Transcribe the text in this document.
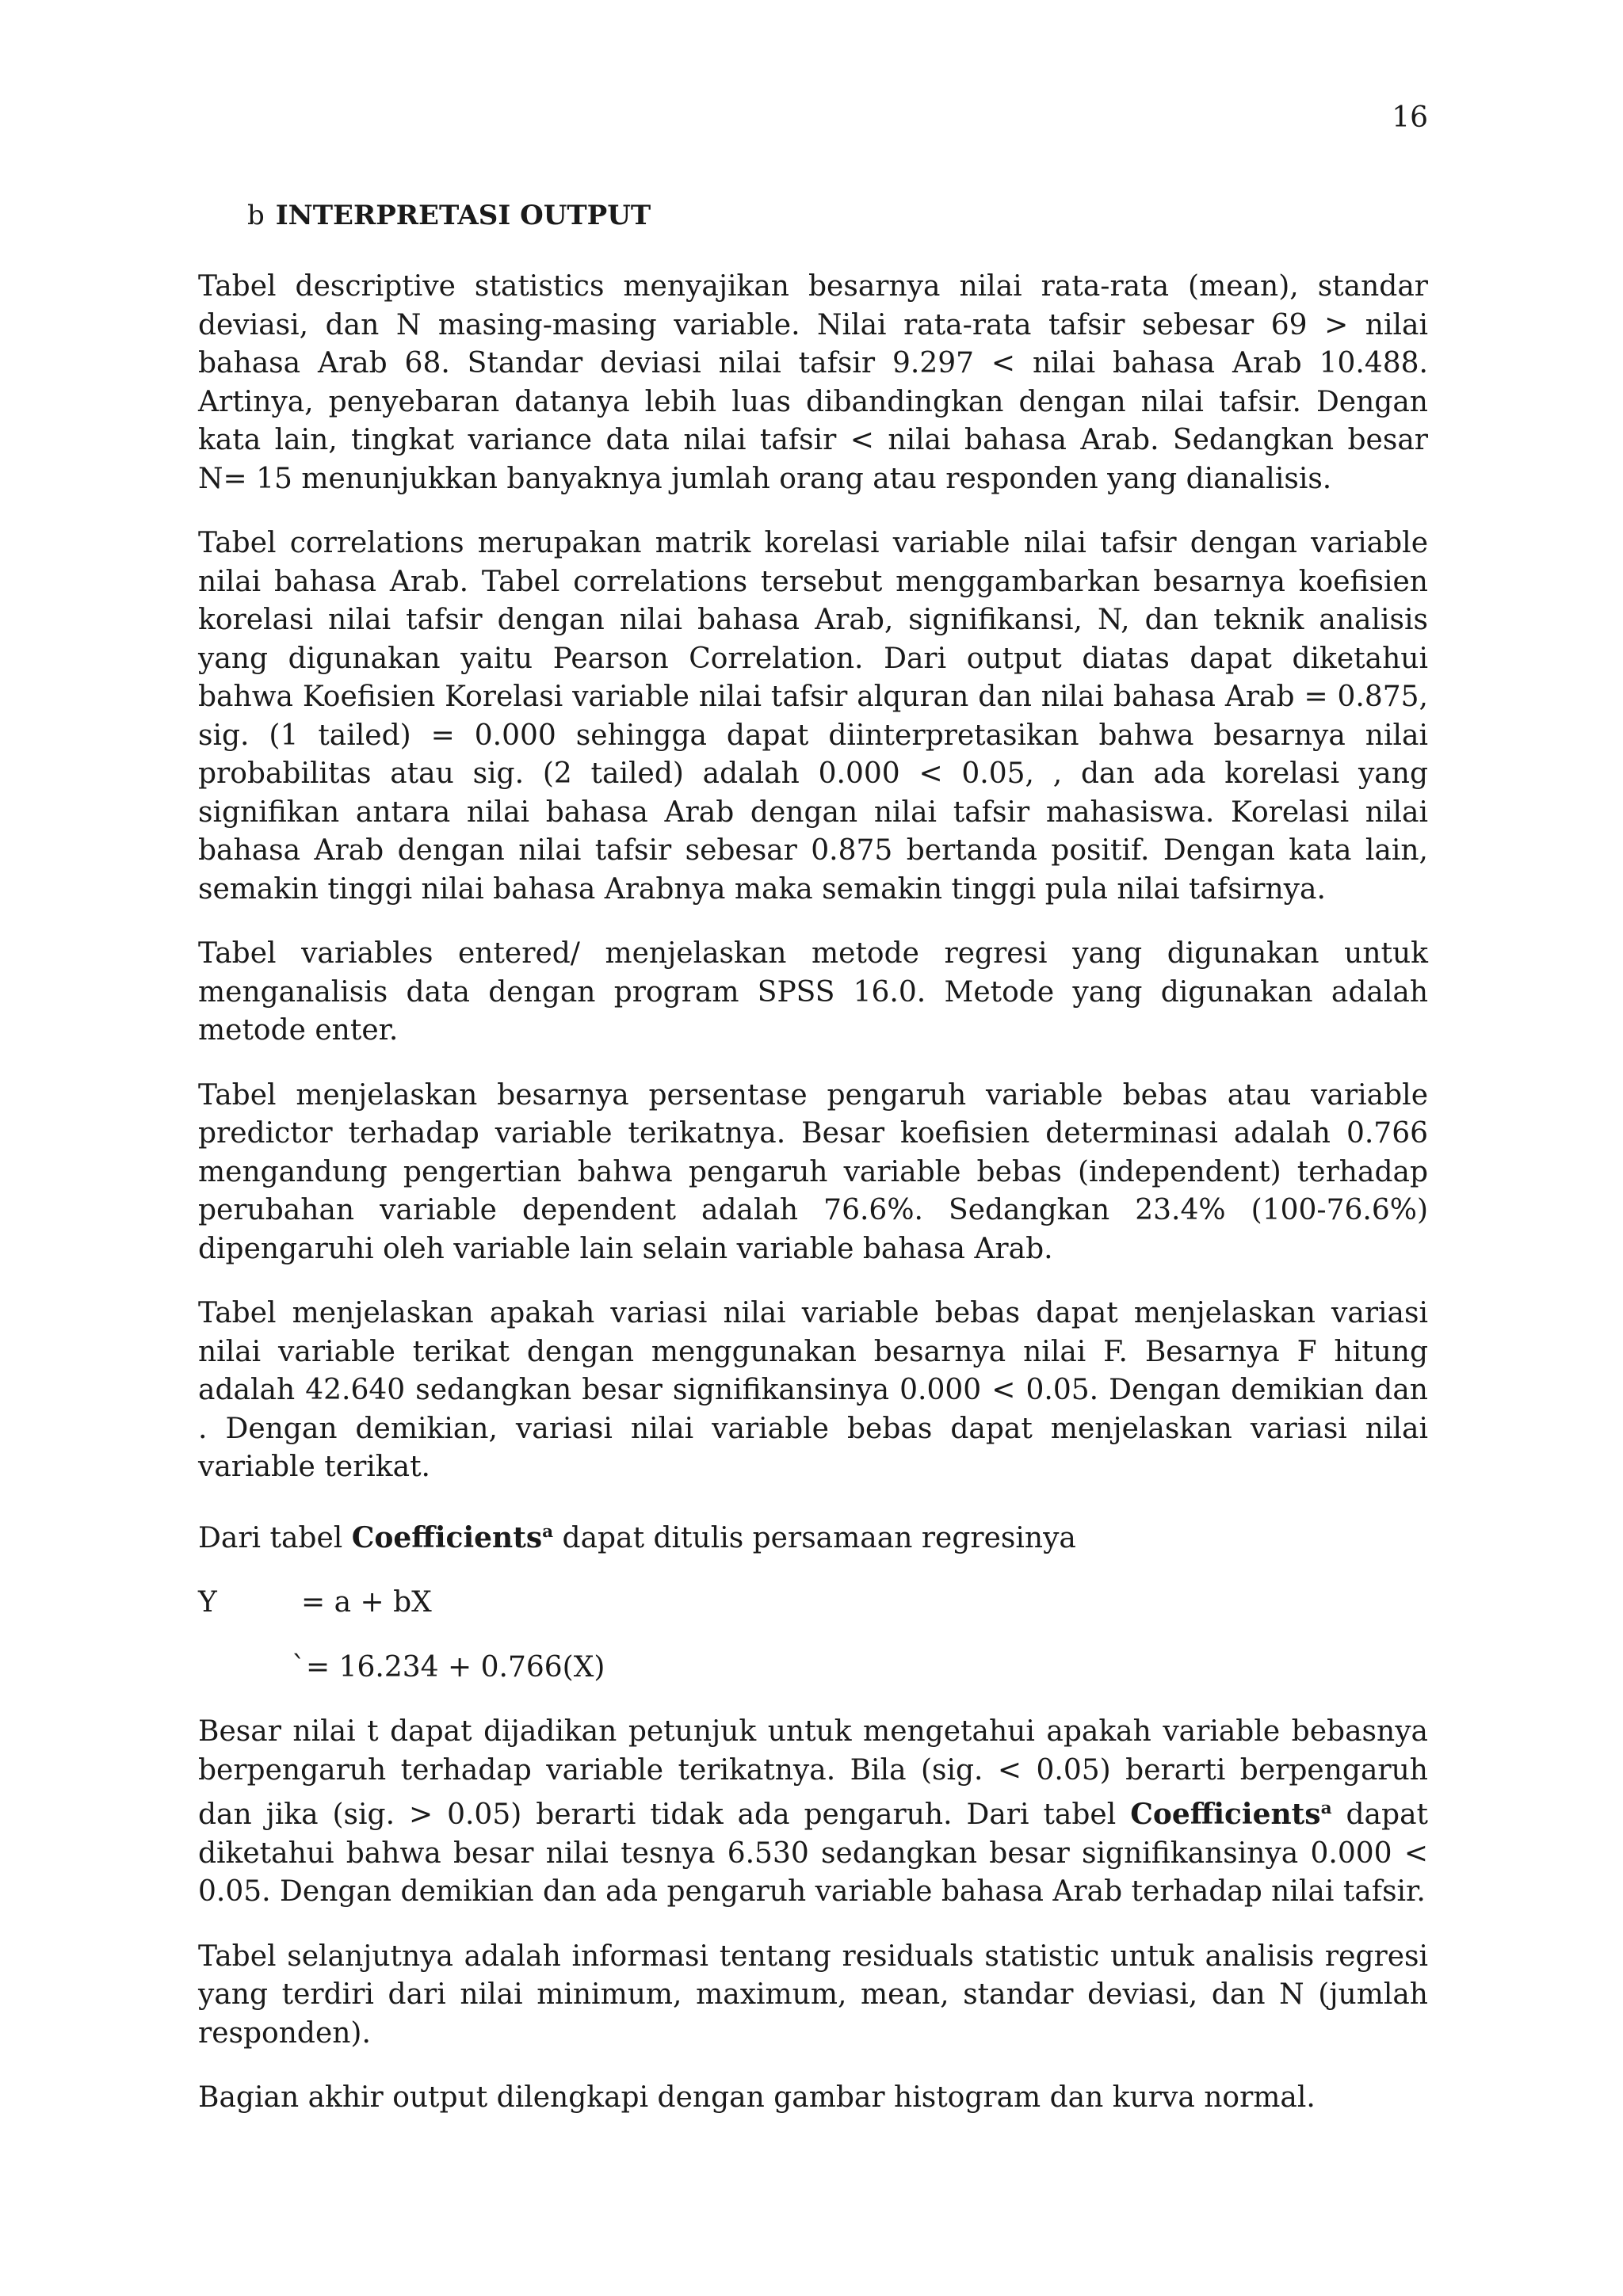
16
b INTERPRETASI OUTPUT

Tabel descriptive statistics menyajikan besarnya nilai rata-rata (mean), standar deviasi, dan N masing-masing variable. Nilai rata-rata tafsir sebesar 69 > nilai bahasa Arab 68. Standar deviasi nilai tafsir 9.297 < nilai bahasa Arab 10.488. Artinya, penyebaran datanya lebih luas dibandingkan dengan nilai tafsir. Dengan kata lain, tingkat variance data nilai tafsir < nilai bahasa Arab. Sedangkan besar N= 15 menunjukkan banyaknya jumlah orang atau responden yang dianalisis.

Tabel correlations merupakan matrik korelasi variable nilai tafsir dengan variable nilai bahasa Arab. Tabel correlations tersebut menggambarkan besarnya koefisien korelasi nilai tafsir dengan nilai bahasa Arab, signifikansi, N, dan teknik analisis yang digunakan yaitu Pearson Correlation. Dari output diatas dapat diketahui bahwa Koefisien Korelasi variable nilai tafsir alquran dan nilai bahasa Arab = 0.875, sig. (1 tailed) = 0.000 sehingga dapat diinterpretasikan bahwa besarnya nilai probabilitas atau sig. (2 tailed) adalah 0.000 < 0.05, , dan ada korelasi yang signifikan antara nilai bahasa Arab dengan nilai tafsir mahasiswa. Korelasi nilai bahasa Arab dengan nilai tafsir sebesar 0.875 bertanda positif. Dengan kata lain, semakin tinggi nilai bahasa Arabnya maka semakin tinggi pula nilai tafsirnya.

Tabel variables entered/ menjelaskan metode regresi yang digunakan untuk menganalisis data dengan program SPSS 16.0. Metode yang digunakan adalah metode enter.

Tabel menjelaskan besarnya persentase pengaruh variable bebas atau variable predictor terhadap variable terikatnya. Besar koefisien determinasi adalah 0.766 mengandung pengertian bahwa pengaruh variable bebas (independent) terhadap perubahan variable dependent adalah 76.6%. Sedangkan 23.4% (100-76.6%) dipengaruhi oleh variable lain selain variable bahasa Arab.

Tabel menjelaskan apakah variasi nilai variable bebas dapat menjelaskan variasi nilai variable terikat dengan menggunakan besarnya nilai F. Besarnya F hitung adalah 42.640 sedangkan besar signifikansinya 0.000 < 0.05. Dengan demikian dan . Dengan demikian, variasi nilai variable bebas dapat menjelaskan variasi nilai variable terikat.

Dari tabel Coefficients$^a$ dapat ditulis persamaan regresinya

Y	= a + bX
`= 16.234 + 0.766(X)

Besar nilai t dapat dijadikan petunjuk untuk mengetahui apakah variable bebasnya berpengaruh terhadap variable terikatnya. Bila (sig. < 0.05) berarti berpengaruh dan jika (sig. > 0.05) berarti tidak ada pengaruh. Dari tabel Coefficients$^a$ dapat diketahui bahwa besar nilai tesnya 6.530 sedangkan besar signifikansinya 0.000 < 0.05. Dengan demikian dan ada pengaruh variable bahasa Arab terhadap nilai tafsir.

Tabel selanjutnya adalah informasi tentang residuals statistic untuk analisis regresi yang terdiri dari nilai minimum, maximum, mean, standar deviasi, dan N (jumlah responden).

Bagian akhir output dilengkapi dengan gambar histogram dan kurva normal.
